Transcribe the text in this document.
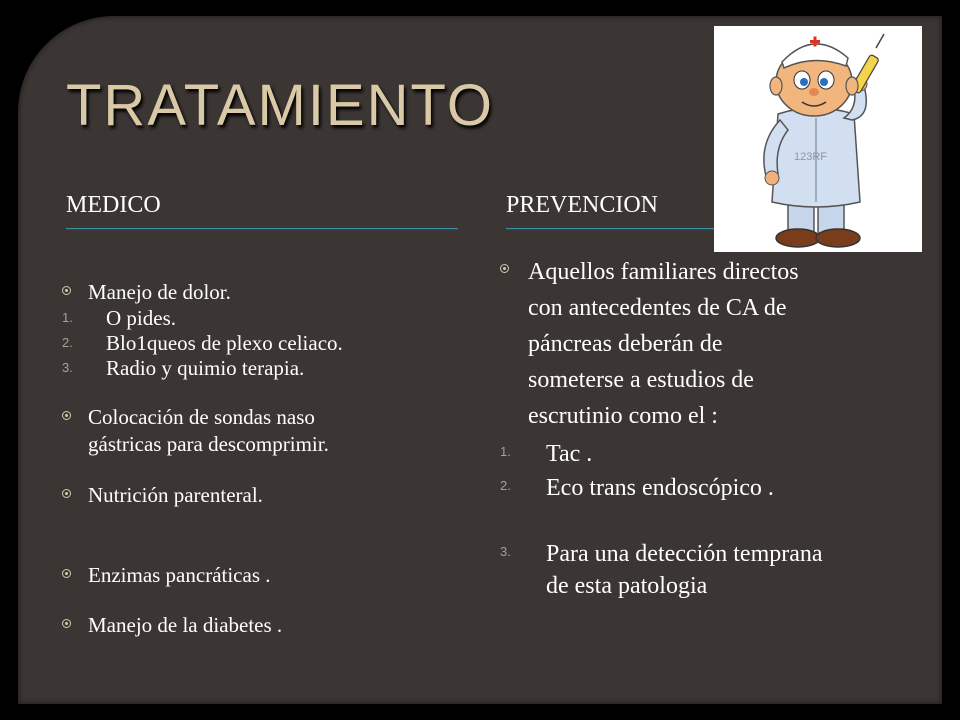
TRATAMIENTO
MEDICO	PREVENCION
Manejo de dolor.
1. O pides.
2. Blo1queos de plexo celiaco.
3. Radio y quimio terapia.
Colocación de sondas naso
gástricas para descomprimir.
Nutrición parenteral.
Enzimas pancráticas .
Manejo de la diabetes .
Aquellos familiares directos
con antecedentes de CA de
páncreas deberán de
someterse a estudios de
escrutinio como el :
1. Tac .
2. Eco trans endoscópico .
3. Para una detección temprana
de esta patologia
123RF
